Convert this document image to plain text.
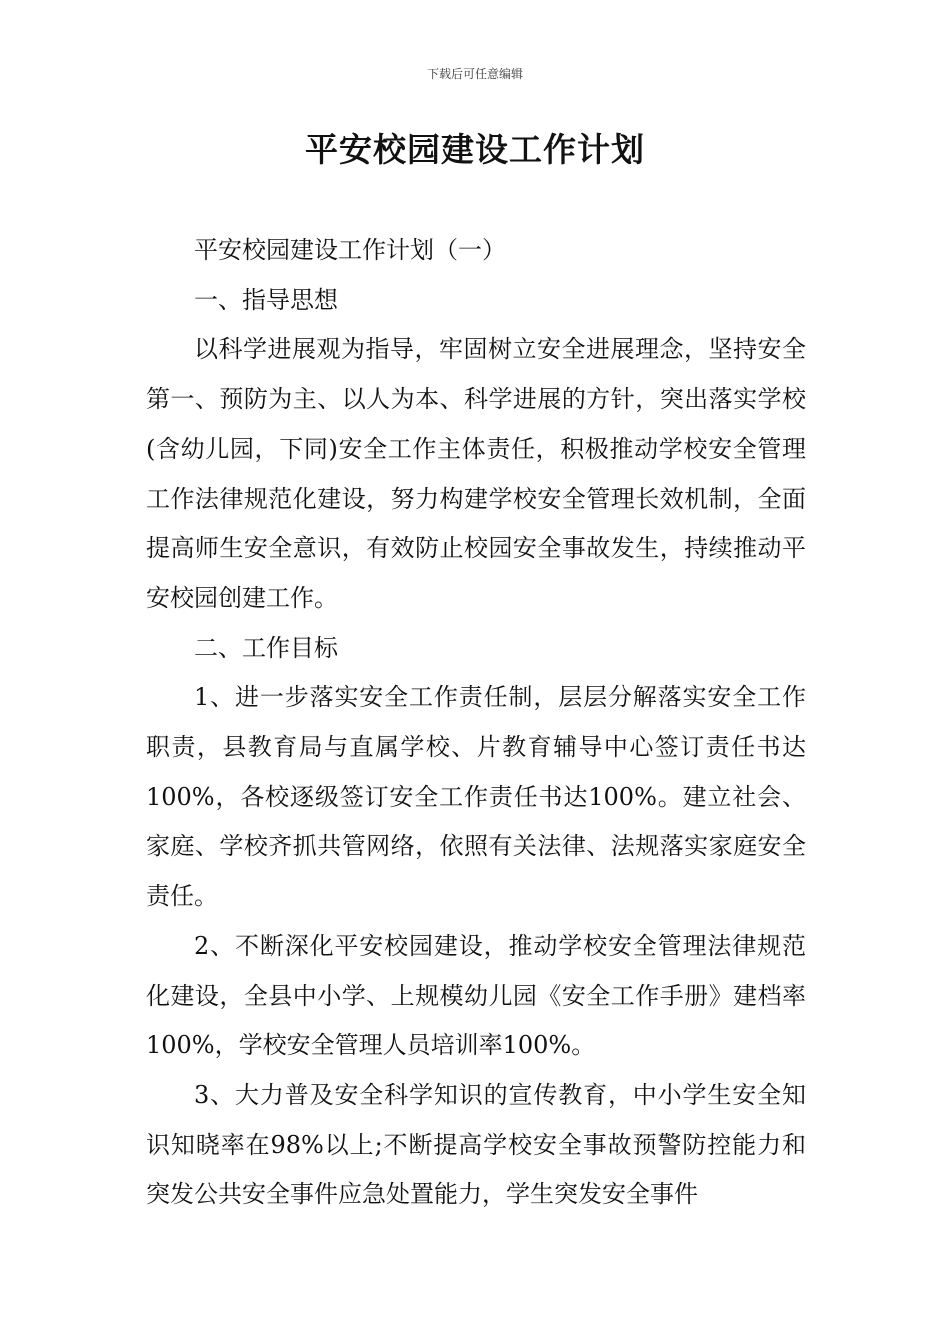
下载后可任意编辑
平安校园建设工作计划

平安校园建设工作计划（一）

一、指导思想

以科学进展观为指导，牢固树立安全进展理念，坚持安全第一、预防为主、以人为本、科学进展的方针，突出落实学校(含幼儿园，下同)安全工作主体责任，积极推动学校安全管理工作法律规范化建设，努力构建学校安全管理长效机制，全面提高师生安全意识，有效防止校园安全事故发生，持续推动平安校园创建工作。

二、工作目标

1、进一步落实安全工作责任制，层层分解落实安全工作职责，县教育局与直属学校、片教育辅导中心签订责任书达100%，各校逐级签订安全工作责任书达100%。建立社会、家庭、学校齐抓共管网络，依照有关法律、法规落实家庭安全责任。

2、不断深化平安校园建设，推动学校安全管理法律规范化建设，全县中小学、上规模幼儿园《安全工作手册》建档率100%，学校安全管理人员培训率100%。

3、大力普及安全科学知识的宣传教育，中小学生安全知识知晓率在98%以上;不断提高学校安全事故预警防控能力和突发公共安全事件应急处置能力，学生突发安全事件
